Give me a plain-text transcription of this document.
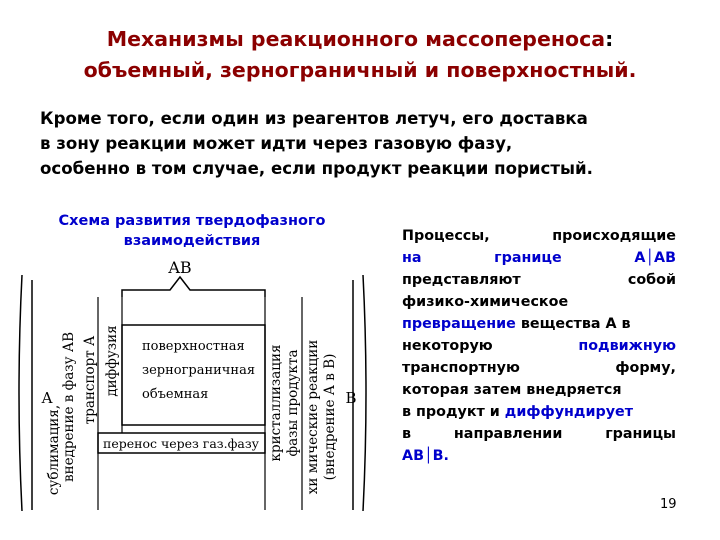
Механизмы реакционного массопереноса:
объемный, зернограничный и поверхностный.
Кроме того, если один из реагентов летуч, его доставка
в зону реакции может идти через газовую фазу,
особенно в том случае, если продукт реакции пористый.
Схема развития твердофазного
взаимодействия
AB
A	B
поверхностная
зернограничная
объемная
перенос через газ.фазу
сублимация, внедрение в фазу АВ транспорт А диффузия	кристаллизация фазы продукта хи мические реакции (внедрение А в В)
Процессы,	происходящие
на	границе	А│АВ
представляют	собой
физико-химическое
превращение вещества А в
некоторую	подвижную
транспортную	форму,
которая затем внедряется
в продукт и диффундирует
в	направлении	границы
АВ│В.
19
